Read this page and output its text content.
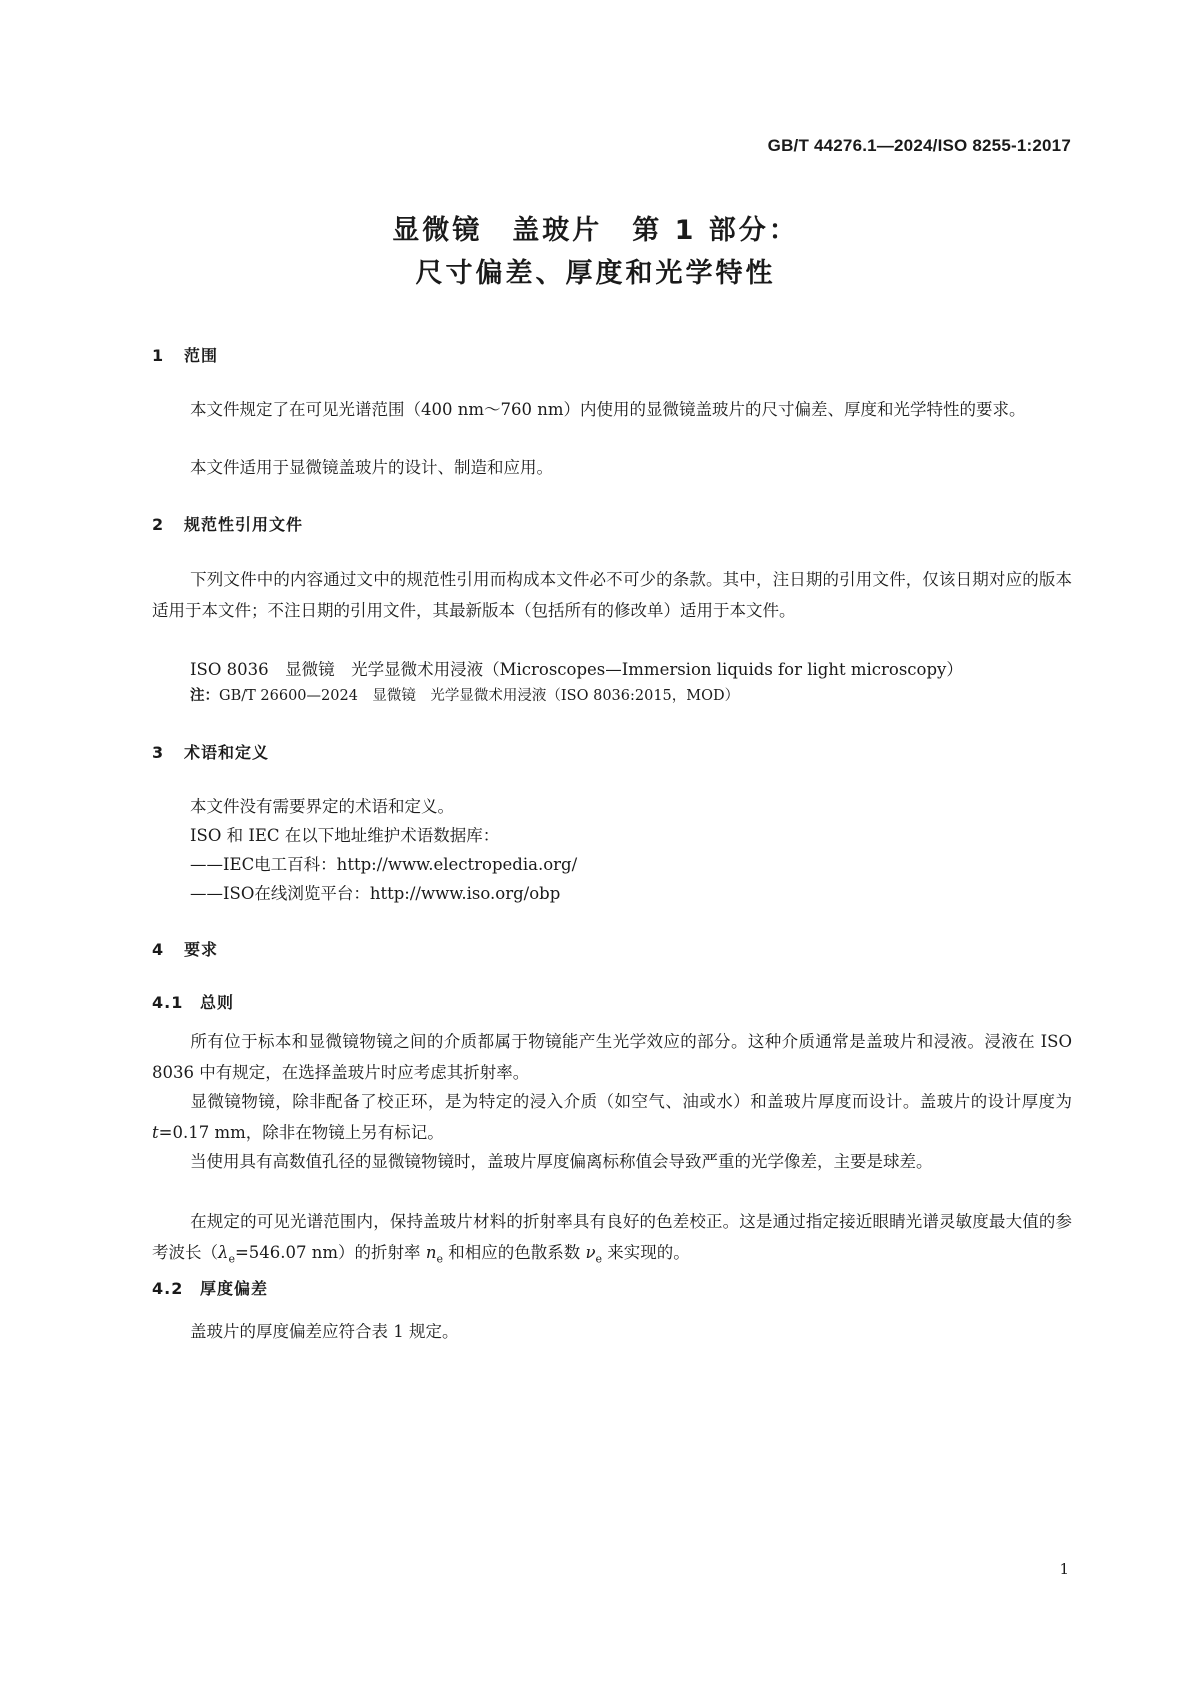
GB/T 44276.1—2024/ISO 8255-1:2017
显微镜　盖玻片　第 1 部分：
尺寸偏差、厚度和光学特性
1 范围
本文件规定了在可见光谱范围（400 nm～760 nm）内使用的显微镜盖玻片的尺寸偏差、厚度和光学特性的要求。
本文件适用于显微镜盖玻片的设计、制造和应用。
2 规范性引用文件
下列文件中的内容通过文中的规范性引用而构成本文件必不可少的条款。其中，注日期的引用文件，仅该日期对应的版本适用于本文件；不注日期的引用文件，其最新版本（包括所有的修改单）适用于本文件。
ISO 8036　显微镜　光学显微术用浸液（Microscopes—Immersion liquids for light microscopy）
注：GB/T 26600—2024　显微镜　光学显微术用浸液（ISO 8036:2015，MOD）
3 术语和定义
本文件没有需要界定的术语和定义。
ISO 和 IEC 在以下地址维护术语数据库：
——IEC电工百科：http://www.electropedia.org/
——ISO在线浏览平台：http://www.iso.org/obp
4 要求
4.1 总则
所有位于标本和显微镜物镜之间的介质都属于物镜能产生光学效应的部分。这种介质通常是盖玻片和浸液。浸液在 ISO 8036 中有规定，在选择盖玻片时应考虑其折射率。
显微镜物镜，除非配备了校正环，是为特定的浸入介质（如空气、油或水）和盖玻片厚度而设计。盖玻片的设计厚度为 t=0.17 mm，除非在物镜上另有标记。
当使用具有高数值孔径的显微镜物镜时，盖玻片厚度偏离标称值会导致严重的光学像差，主要是球差。
在规定的可见光谱范围内，保持盖玻片材料的折射率具有良好的色差校正。这是通过指定接近眼睛光谱灵敏度最大值的参考波长（$\lambda_e=546.07$ nm）的折射率 $n_e$ 和相应的色散系数 $\nu_e$ 来实现的。
4.2 厚度偏差
盖玻片的厚度偏差应符合表 1 规定。
1
